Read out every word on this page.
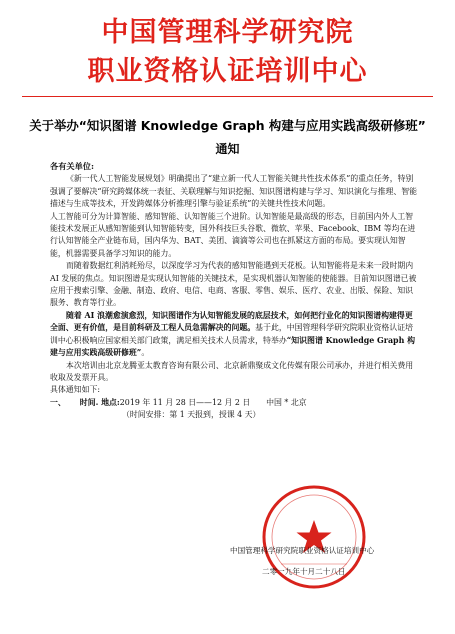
中国管理科学研究院
职业资格认证培训中心
关于举办“知识图谱 Knowledge Graph 构建与应用实践高级研修班”
通知

各有关单位:

《新一代人工智能发展规划》明确提出了“建立新一代人工智能关键共性技术体系”的重点任务，特别强调了要解决“研究跨媒体统一表征、关联理解与知识挖掘、知识图谱构建与学习、知识演化与推理、智能描述与生成等技术，开发跨媒体分析推理引擎与验证系统”的关键共性技术问题。

人工智能可分为计算智能、感知智能、认知智能三个进阶。认知智能是最高级的形态，目前国内外人工智能技术发展正从感知智能到认知智能转变，国外科技巨头谷歌、微软、苹果、Facebook、IBM 等均在进行认知智能全产业链布局，国内华为、BAT、美团、滴滴等公司也在抓紧这方面的布局。要实现认知智能，机器需要具备学习知识的能力。

而随着数据红利消耗殆尽，以深度学习为代表的感知智能遇到天花板。认知智能将是未来一段时期内 AI 发展的焦点。知识图谱是实现认知智能的关键技术，是实现机器认知智能的使能器。目前知识图谱已被应用于搜索引擎、金融、制造、政府、电信、电商、客服、零售、娱乐、医疗、农业、出版、保险、知识服务、教育等行业。

随着 AI 浪潮愈演愈烈，知识图谱作为认知智能发展的底层技术，如何把行业化的知识图谱构建得更全面、更有价值，是目前科研及工程人员急需解决的问题。基于此，中国管理科学研究院职业资格认证培训中心积极响应国家相关部门政策，满足相关技术人员需求，特举办“知识图谱 Knowledge Graph 构建与应用实践高级研修班”。

本次培训由北京龙腾亚太教育咨询有限公司、北京新鼎聚成文化传媒有限公司承办，并进行相关费用收取及发票开具。

具体通知如下:

一、 时间. 地点:2019 年 11 月 28 日——12 月 2 日　　中国 * 北京

（时间安排：第 1 天报到，授课 4 天）

中国管理科学研究院职业资格认证培训中心
二零一九年十月二十八日
